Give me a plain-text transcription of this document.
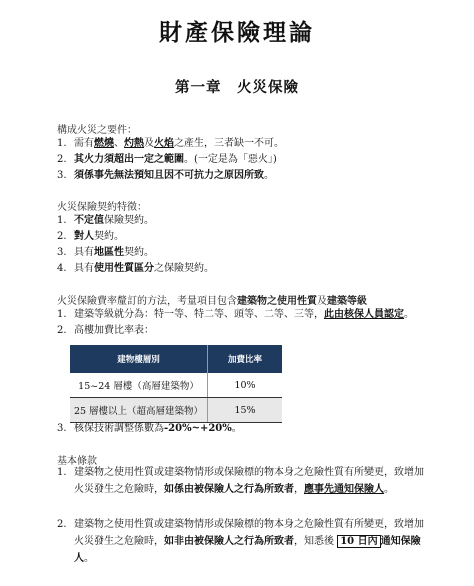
財產保險理論
第一章　火災保險
構成火災之要件：
1. 需有燃燒、灼熱及火焰之產生，三者缺一不可。
2. 其火力須超出一定之範圍。(一定是為「惡火」)
3. 須係事先無法預知且因不可抗力之原因所致。
火災保險契約特徵：
1. 不定值保險契約。
2. 對人契約。
3. 具有地區性契約。
4. 具有使用性質區分之保險契約。
火災保險費率釐訂的方法，考量項目包含建築物之使用性質及建築等級
1. 建築等級就分為：特一等、特二等、頭等、二等、三等，此由核保人員認定。
2. 高樓加費比率表：
建物樓層別	加費比率
15~24 層樓（高層建築物）	10%
25 層樓以上（超高層建築物）	15%
3. 核保技術調整係數為-20%~+20%。
基本條款
1. 建築物之使用性質或建築物情形或保險標的物本身之危險性質有所變更，致增加火災發生之危險時，如係由被保險人之行為所致者，應事先通知保險人。
2. 建築物之使用性質或建築物情形或保險標的物本身之危險性質有所變更，致增加火災發生之危險時，如非由被保險人之行為所致者，知悉後 10 日內 通知保險人。
